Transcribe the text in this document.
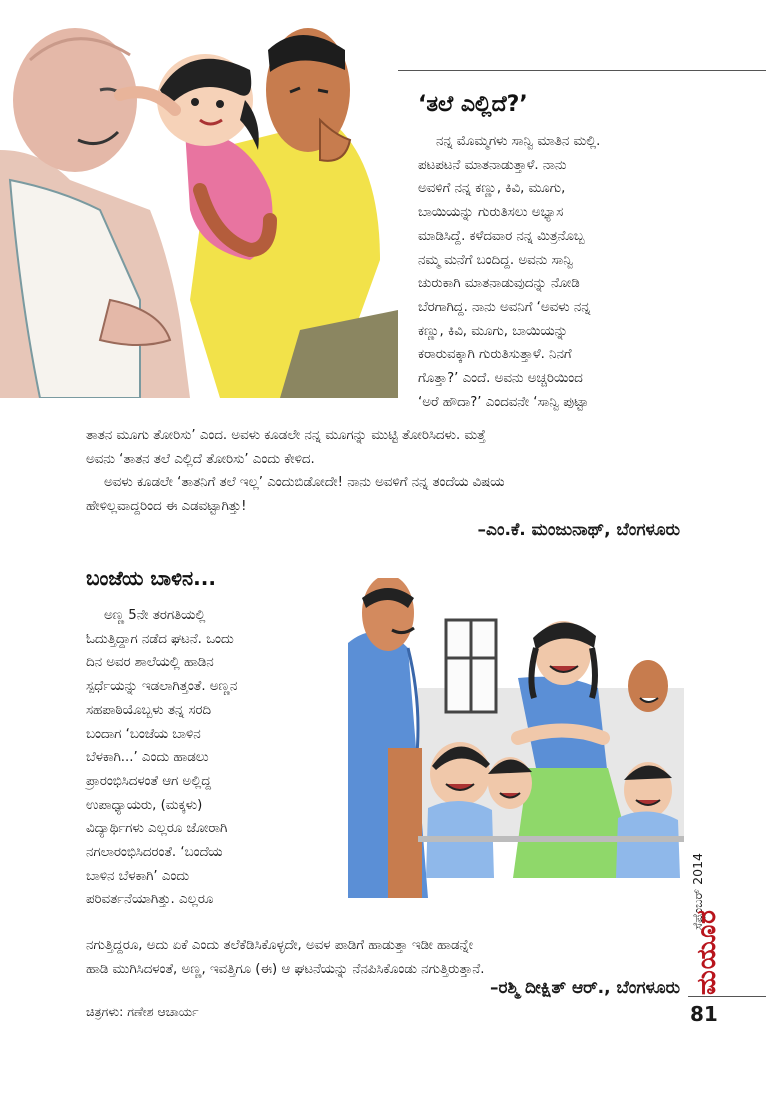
‘ತಲೆ ಎಲ್ಲಿದೆ?’
ನನ್ನ ಮೊಮ್ಮಗಳು ಸಾನ್ವಿ ಮಾತಿನ ಮಲ್ಲಿ.
ಪಟಪಟನೆ ಮಾತನಾಡುತ್ತಾಳೆ. ನಾನು
ಅವಳಿಗೆ ನನ್ನ ಕಣ್ಣು, ಕಿವಿ, ಮೂಗು,
ಬಾಯಿಯನ್ನು ಗುರುತಿಸಲು ಅಭ್ಯಾಸ
ಮಾಡಿಸಿದ್ದೆ. ಕಳೆದವಾರ ನನ್ನ ಮಿತ್ರನೊಬ್ಬ
ನಮ್ಮ ಮನೆಗೆ ಬಂದಿದ್ದ. ಅವನು ಸಾನ್ವಿ
ಚುರುಕಾಗಿ ಮಾತನಾಡುವುದನ್ನು ನೋಡಿ
ಬೆರಗಾಗಿದ್ದ. ನಾನು ಅವನಿಗೆ ‘ಅವಳು ನನ್ನ
ಕಣ್ಣು, ಕಿವಿ, ಮೂಗು, ಬಾಯಿಯನ್ನು
ಕರಾರುವಕ್ಕಾಗಿ ಗುರುತಿಸುತ್ತಾಳೆ. ನಿನಗೆ
ಗೊತ್ತಾ?’ ಎಂದೆ. ಅವನು ಅಚ್ಚರಿಯಿಂದ
‘ಅರೆ ಹೌದಾ?’ ಎಂದವನೇ ‘ಸಾನ್ವಿ ಪುಟ್ಟಾ
ತಾತನ ಮೂಗು ತೋರಿಸು’ ಎಂದ. ಅವಳು ಕೂಡಲೇ ನನ್ನ ಮೂಗನ್ನು ಮುಟ್ಟಿ ತೋರಿಸಿದಳು. ಮತ್ತೆ
ಅವನು ‘ತಾತನ ತಲೆ ಎಲ್ಲಿದೆ ತೋರಿಸು’ ಎಂದು ಕೇಳಿದ.
ಅವಳು ಕೂಡಲೇ ‘ತಾತನಿಗೆ ತಲೆ ಇಲ್ಲ’ ಎಂದುಬಿಡೋದೇ! ನಾನು ಅವಳಿಗೆ ನನ್ನ ತಂದೆಯ ವಿಷಯ
ಹೇಳಿಲ್ಲವಾದ್ದರಿಂದ ಈ ಎಡವಟ್ಟಾಗಿತ್ತು!
–ಎಂ.ಕೆ. ಮಂಜುನಾಥ್, ಬೆಂಗಳೂರು
ಬಂಜೆಯ ಬಾಳಿನ...
ಅಣ್ಣ 5ನೇ ತರಗತಿಯಲ್ಲಿ
ಓದುತ್ತಿದ್ದಾಗ ನಡೆದ ಘಟನೆ. ಒಂದು
ದಿನ ಅವರ ಶಾಲೆಯಲ್ಲಿ ಹಾಡಿನ
ಸ್ಪರ್ಧೆಯನ್ನು ಇಡಲಾಗಿತ್ತಂತೆ. ಅಣ್ಣನ
ಸಹಪಾಠಿಯೊಬ್ಬಳು ತನ್ನ ಸರದಿ
ಬಂದಾಗ ‘ಬಂಜೆಯ ಬಾಳಿನ
ಬೆಳಕಾಗಿ...’ ಎಂದು ಹಾಡಲು
ಪ್ರಾರಂಭಿಸಿದಳಂತೆ ಆಗ ಅಲ್ಲಿದ್ದ
ಉಪಾಧ್ಯಾಯರು, (ಮಕ್ಕಳು)
ವಿದ್ಯಾರ್ಥಿಗಳು ಎಲ್ಲರೂ ಜೋರಾಗಿ
ನಗಲಾರಂಭಿಸಿದರಂತೆ. ‘ಬಂದೆಯ
ಬಾಳಿನ ಬೆಳಕಾಗಿ’ ಎಂದು
ಪರಿವರ್ತನೆಯಾಗಿತ್ತು. ಎಲ್ಲರೂ
ನಗುತ್ತಿದ್ದರೂ, ಅದು ಏಕೆ ಎಂದು ತಲೆಕೆಡಿಸಿಕೊಳ್ಳದೇ, ಅವಳ ಪಾಡಿಗೆ ಹಾಡುತ್ತಾ ಇಡೀ ಹಾಡನ್ನೇ
ಹಾಡಿ ಮುಗಿಸಿದಳಂತೆ, ಅಣ್ಣ, ಇವತ್ತಿಗೂ (ಈ) ಆ ಘಟನೆಯನ್ನು ನೆನಪಿಸಿಕೊಂಡು ನಗುತ್ತಿರುತ್ತಾನೆ.
–ರಶ್ಮಿ ದೀಕ್ಷಿತ್ ಆರ್., ಬೆಂಗಳೂರು
ಸೆಪ್ಟೆಂಬರ್ 2014
ಮಯೂರ
ಚಿತ್ರಗಳು: ಗಣೇಶ ಆಚಾರ್ಯ	81
